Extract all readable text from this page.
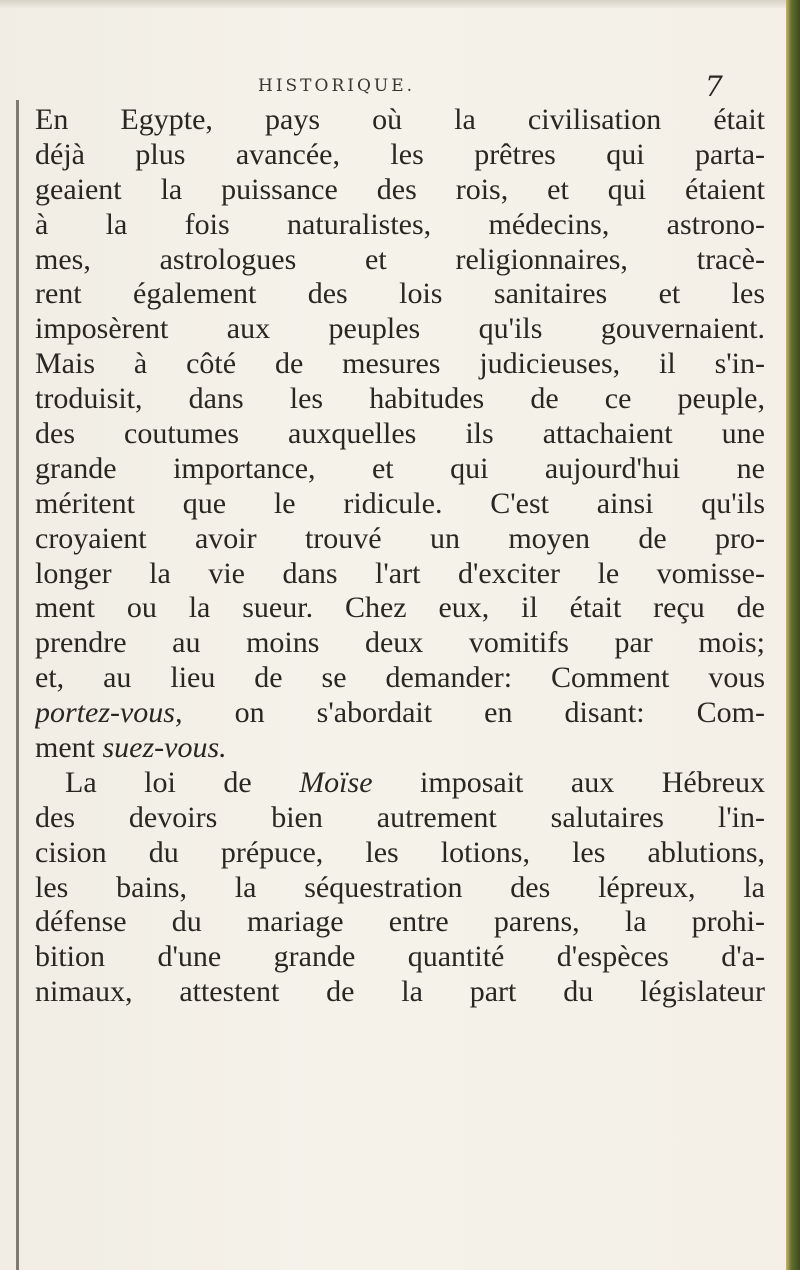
HISTORIQUE.	7
En Egypte, pays où la civilisation était
déjà plus avancée, les prêtres qui parta-
geaient la puissance des rois, et qui étaient
à la fois naturalistes, médecins, astrono-
mes, astrologues et religionnaires, tracè-
rent également des lois sanitaires et les
imposèrent aux peuples qu'ils gouvernaient.
Mais à côté de mesures judicieuses, il s'in-
troduisit, dans les habitudes de ce peuple,
des coutumes auxquelles ils attachaient une
grande importance, et qui aujourd'hui ne
méritent que le ridicule. C'est ainsi qu'ils
croyaient avoir trouvé un moyen de pro-
longer la vie dans l'art d'exciter le vomisse-
ment ou la sueur. Chez eux, il était reçu de
prendre au moins deux vomitifs par mois;
et, au lieu de se demander: Comment vous
portez-vous, on s'abordait en disant: Com-
ment suez-vous.
La loi de Moïse imposait aux Hébreux
des devoirs bien autrement salutaires l'in-
cision du prépuce, les lotions, les ablutions,
les bains, la séquestration des lépreux, la
défense du mariage entre parens, la prohi-
bition d'une grande quantité d'espèces d'a-
nimaux, attestent de la part du législateur
